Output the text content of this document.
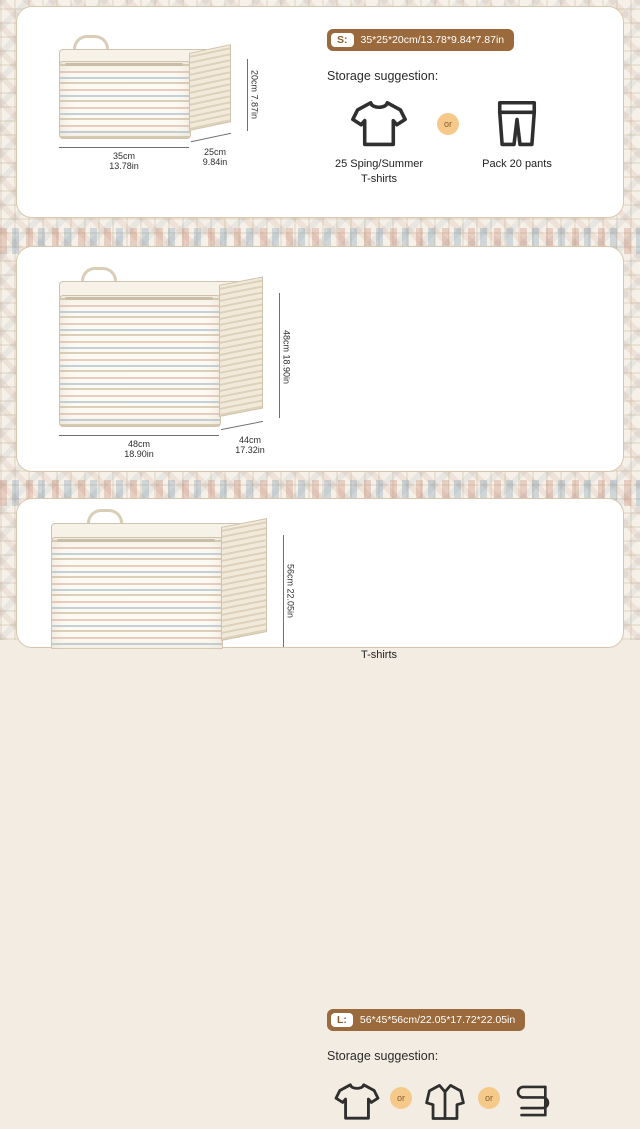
35cm
13.78in
25cm
9.84in
20cm 7.87in
S:	35*25*20cm/13.78*9.84*7.87in
Storage suggestion:
25 Sping/Summer
T-shirts
or
Pack 20 pants
48cm
18.90in
44cm
17.32in
48cm 18.90in

T-shirts
56cm 22.05in
L:	56*45*56cm/22.05*17.72*22.05in
Storage suggestion:
or	or
